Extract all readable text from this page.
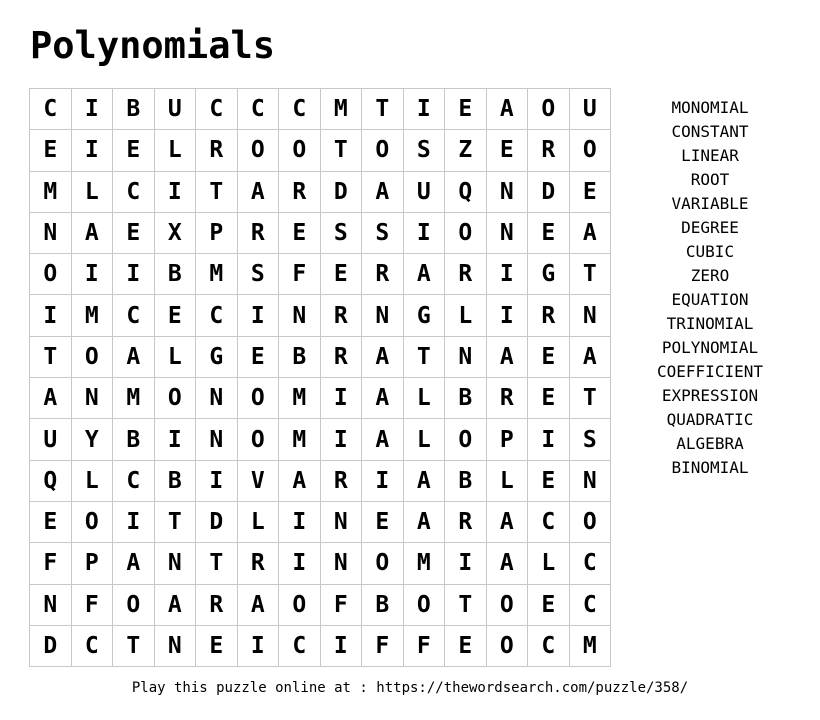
Polynomials
C	I	B	U	C	C	C	M	T	I	E	A	O	U
E	I	E	L	R	O	O	T	O	S	Z	E	R	O
M	L	C	I	T	A	R	D	A	U	Q	N	D	E
N	A	E	X	P	R	E	S	S	I	O	N	E	A
O	I	I	B	M	S	F	E	R	A	R	I	G	T
I	M	C	E	C	I	N	R	N	G	L	I	R	N
T	O	A	L	G	E	B	R	A	T	N	A	E	A
A	N	M	O	N	O	M	I	A	L	B	R	E	T
U	Y	B	I	N	O	M	I	A	L	O	P	I	S
Q	L	C	B	I	V	A	R	I	A	B	L	E	N
E	O	I	T	D	L	I	N	E	A	R	A	C	O
F	P	A	N	T	R	I	N	O	M	I	A	L	C
N	F	O	A	R	A	O	F	B	O	T	O	E	C
D	C	T	N	E	I	C	I	F	F	E	O	C	M
MONOMIAL
CONSTANT
LINEAR
ROOT
VARIABLE
DEGREE
CUBIC
ZERO
EQUATION
TRINOMIAL
POLYNOMIAL
COEFFICIENT
EXPRESSION
QUADRATIC
ALGEBRA
BINOMIAL
Play this puzzle online at : https://thewordsearch.com/puzzle/358/
